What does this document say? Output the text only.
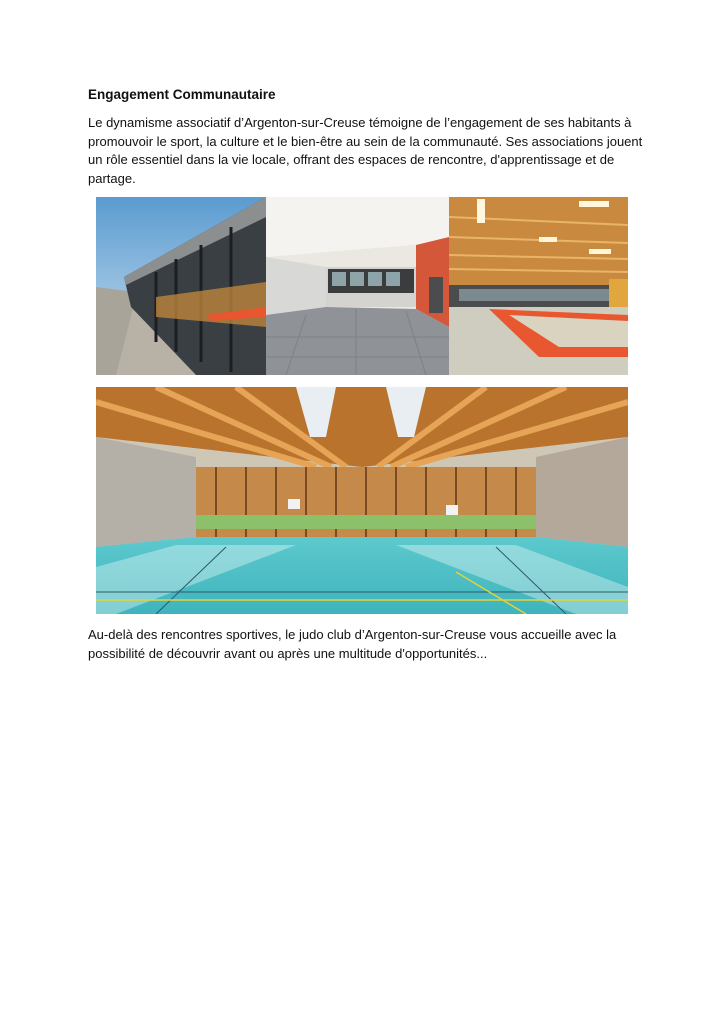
Engagement Communautaire

Le dynamisme associatif d’Argenton-sur-Creuse témoigne de l’engagement de ses habitants à promouvoir le sport, la culture et le bien-être au sein de la communauté. Ses associations jouent un rôle essentiel dans la vie locale, offrant des espaces de rencontre, d'apprentissage et de partage.

Au-delà des rencontres sportives, le judo club d’Argenton-sur-Creuse vous accueille avec la possibilité de découvrir avant ou après une multitude d'opportunités...
